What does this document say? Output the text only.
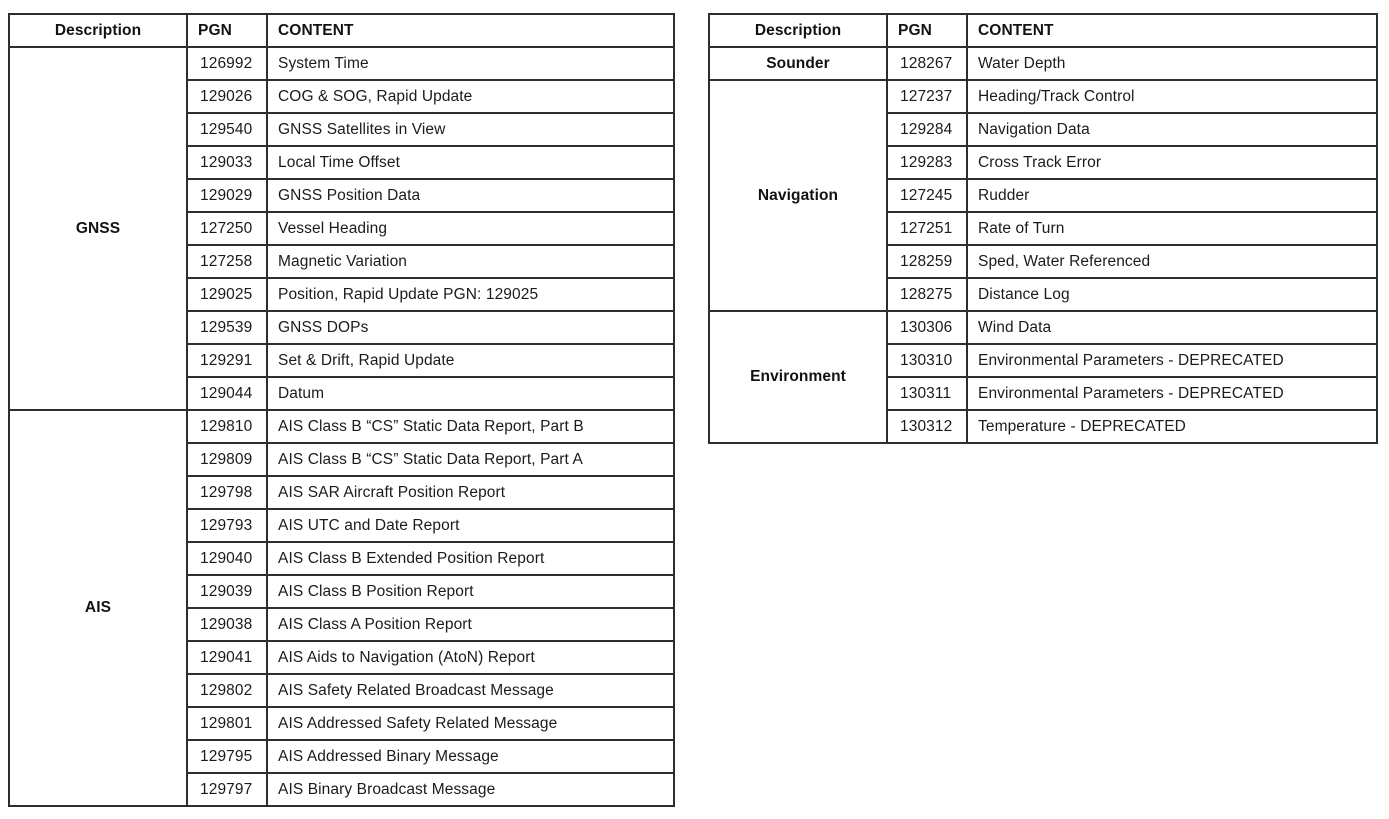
Description	PGN	CONTENT
GNSS	126992	System Time
	129026	COG & SOG, Rapid Update
	129540	GNSS Satellites in View
	129033	Local Time Offset
	129029	GNSS Position Data
	127250	Vessel Heading
	127258	Magnetic Variation
	129025	Position, Rapid Update PGN: 129025
	129539	GNSS DOPs
	129291	Set & Drift, Rapid Update
	129044	Datum
AIS	129810	AIS Class B “CS” Static Data Report, Part B
	129809	AIS Class B “CS” Static Data Report, Part A
	129798	AIS SAR Aircraft Position Report
	129793	AIS UTC and Date Report
	129040	AIS Class B Extended Position Report
	129039	AIS Class B Position Report
	129038	AIS Class A Position Report
	129041	AIS Aids to Navigation (AtoN) Report
	129802	AIS Safety Related Broadcast Message
	129801	AIS Addressed Safety Related Message
	129795	AIS Addressed Binary Message
	129797	AIS Binary Broadcast Message
Description	PGN	CONTENT
Sounder	128267	Water Depth
Navigation	127237	Heading/Track Control
	129284	Navigation Data
	129283	Cross Track Error
	127245	Rudder
	127251	Rate of Turn
	128259	Sped, Water Referenced
	128275	Distance Log
Environment	130306	Wind Data
	130310	Environmental Parameters - DEPRECATED
	130311	Environmental Parameters - DEPRECATED
	130312	Temperature - DEPRECATED
